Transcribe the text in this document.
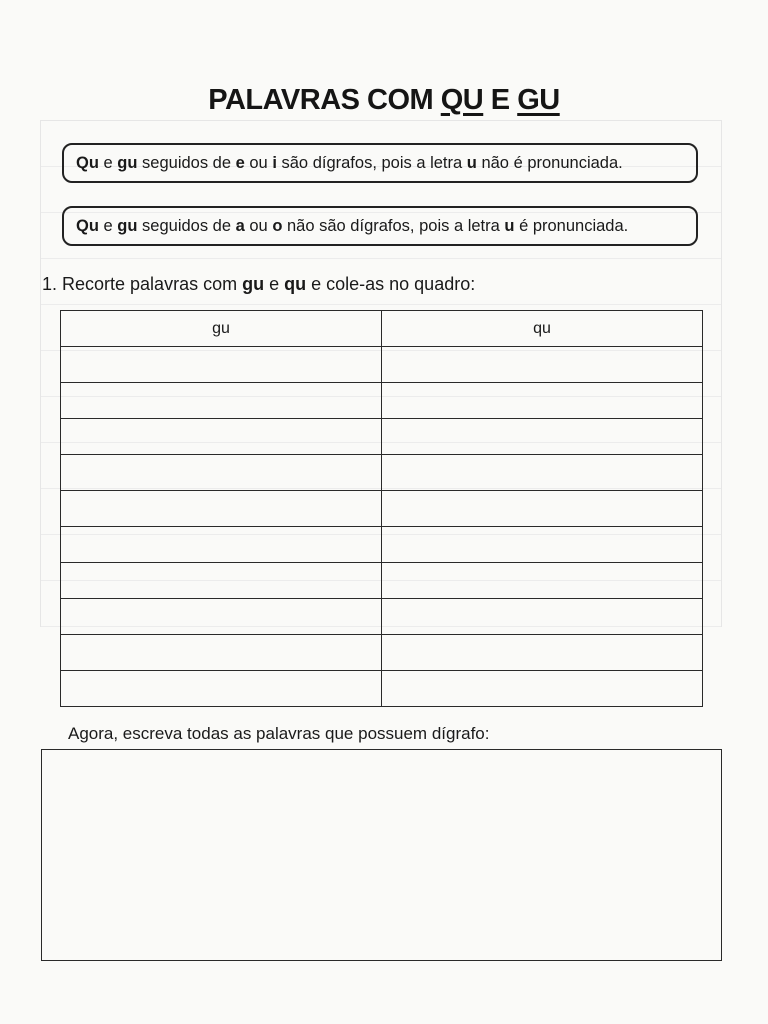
PALAVRAS COM QU E GU
Qu e gu seguidos de e ou i são dígrafos, pois a letra u não é pronunciada.
Qu e gu seguidos de a ou o não são dígrafos, pois a letra u é pronunciada.
1. Recorte palavras com gu e qu e cole-as no quadro:
gu	qu

Agora, escreva todas as palavras que possuem dígrafo:
